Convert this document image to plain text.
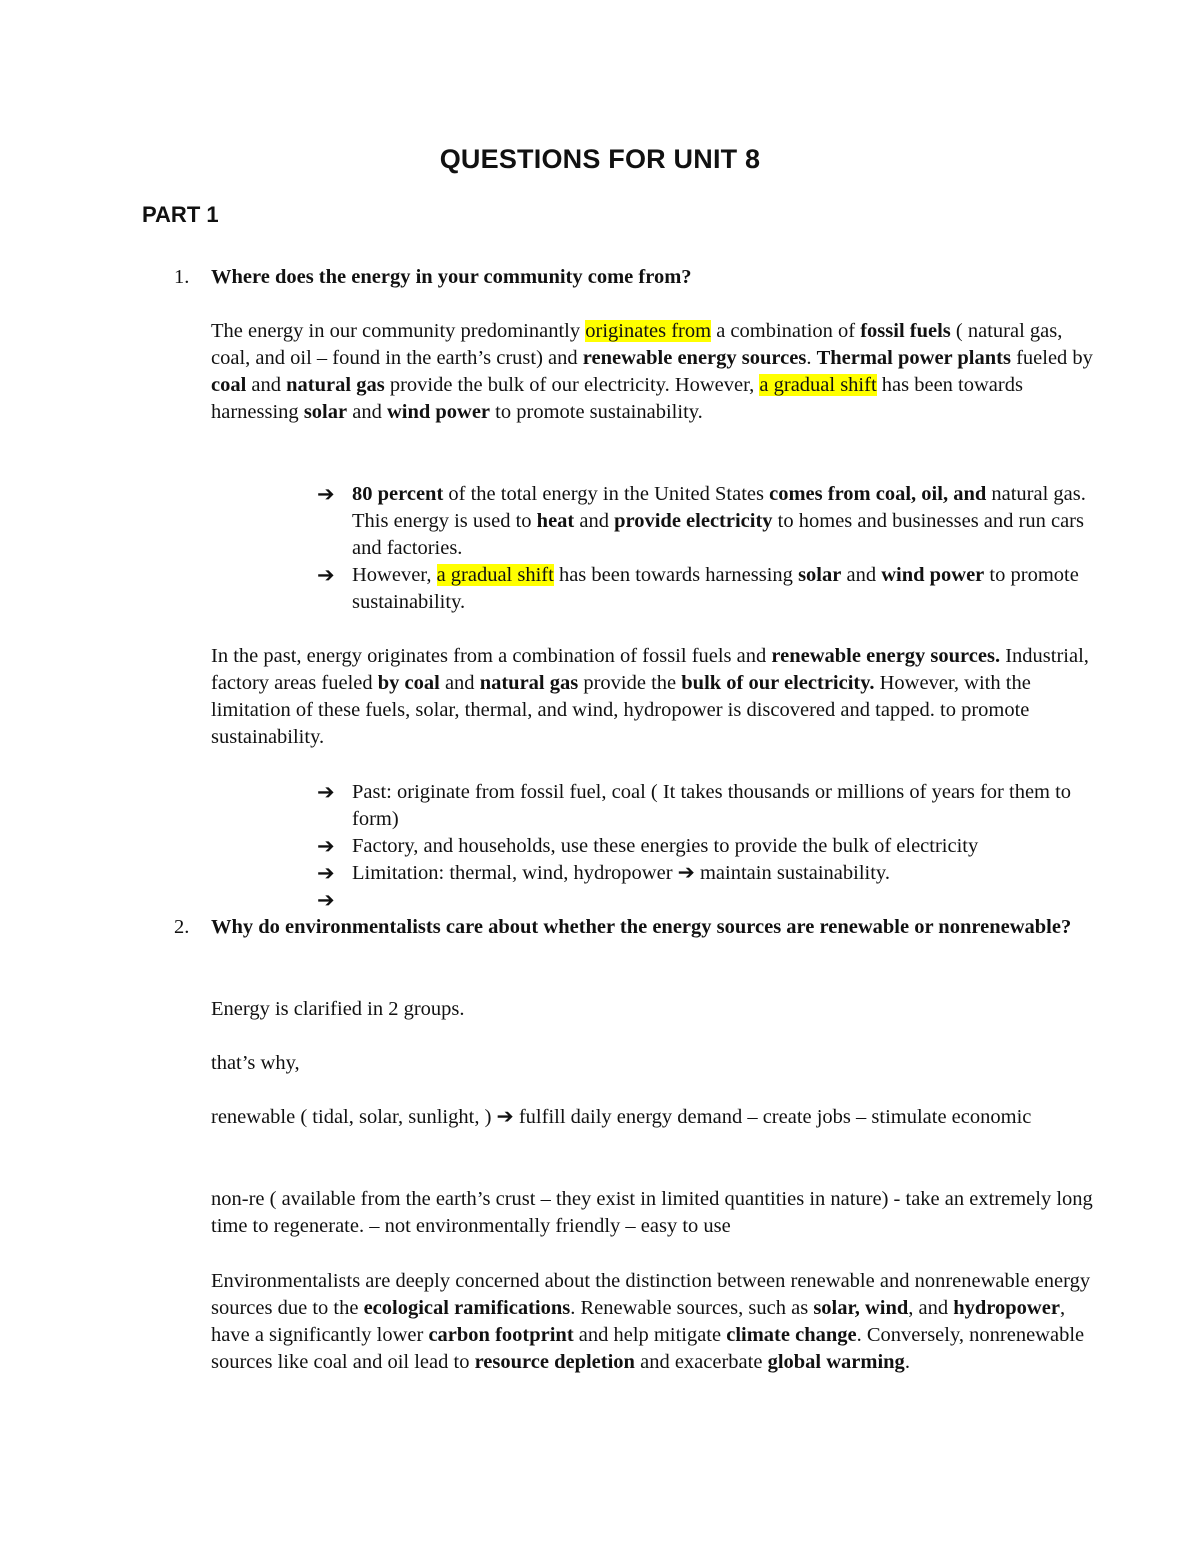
QUESTIONS FOR UNIT 8
PART 1
1. Where does the energy in your community come from?

The energy in our community predominantly originates from a combination of fossil fuels ( natural gas, coal, and oil – found in the earth’s crust) and renewable energy sources. Thermal power plants fueled by coal and natural gas provide the bulk of our electricity. However, a gradual shift has been towards harnessing solar and wind power to promote sustainability.

➔ 80 percent of the total energy in the United States comes from coal, oil, and natural gas. This energy is used to heat and provide electricity to homes and businesses and run cars and factories.

➔ However, a gradual shift has been towards harnessing solar and wind power to promote sustainability.

In the past, energy originates from a combination of fossil fuels and renewable energy sources. Industrial, factory areas fueled by coal and natural gas provide the bulk of our electricity. However, with the limitation of these fuels, solar, thermal, and wind, hydropower is discovered and tapped. to promote sustainability.

➔ Past: originate from fossil fuel, coal ( It takes thousands or millions of years for them to form)

➔ Factory, and households, use these energies to provide the bulk of electricity

➔ Limitation: thermal, wind, hydropower ➔ maintain sustainability.

➔
2. Why do environmentalists care about whether the energy sources are renewable or nonrenewable?

Energy is clarified in 2 groups.

that’s why,

renewable ( tidal, solar, sunlight, ) ➔ fulfill daily energy demand – create jobs – stimulate economic

non-re ( available from the earth’s crust – they exist in limited quantities in nature) - take an extremely long time to regenerate. – not environmentally friendly – easy to use

Environmentalists are deeply concerned about the distinction between renewable and nonrenewable energy sources due to the ecological ramifications. Renewable sources, such as solar, wind, and hydropower, have a significantly lower carbon footprint and help mitigate climate change. Conversely, nonrenewable sources like coal and oil lead to resource depletion and exacerbate global warming.
